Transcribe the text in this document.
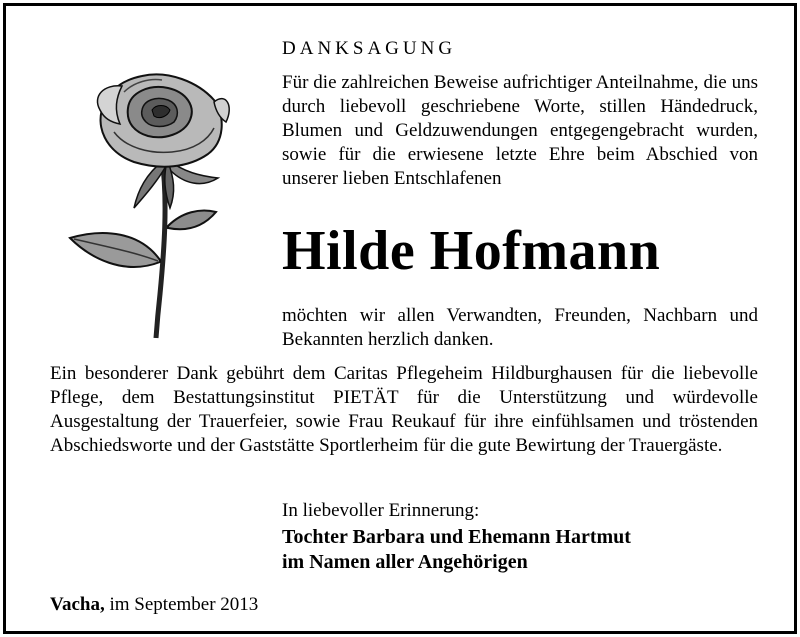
DANKSAGUNG
Für die zahlreichen Beweise aufrichtiger Anteilnahme, die uns durch liebevoll geschriebene Worte, stillen Händedruck, Blumen und Geldzuwendungen entgegengebracht wurden, sowie für die erwiesene letzte Ehre beim Abschied von unserer lieben Entschlafenen
Hilde Hofmann
möchten wir allen Verwandten, Freunden, Nachbarn und Bekannten herzlich danken.
Ein besonderer Dank gebührt dem Caritas Pflegeheim Hildburghausen für die liebevolle Pflege, dem Bestattungsinstitut PIETÄT für die Unterstützung und würdevolle Ausgestaltung der Trauerfeier, sowie Frau Reukauf für ihre einfühlsamen und tröstenden Abschiedsworte und der Gaststätte Sportlerheim für die gute Bewirtung der Trauergäste.
In liebevoller Erinnerung:
Tochter Barbara und Ehemann Hartmut
im Namen aller Angehörigen
Vacha, im September 2013
